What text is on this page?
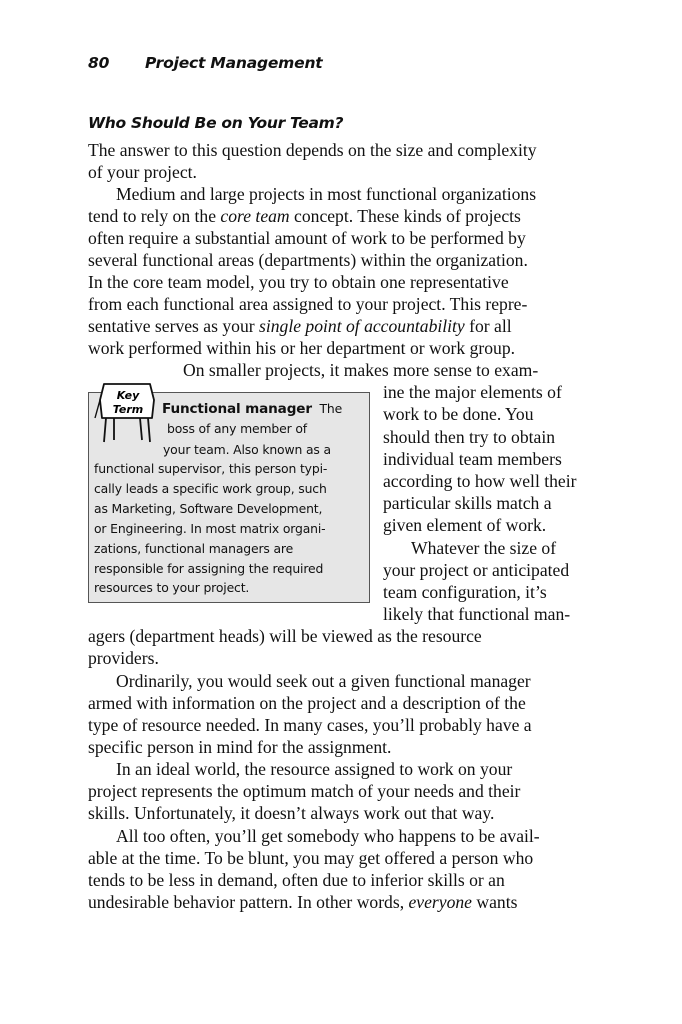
80 Project Management
Who Should Be on Your Team?
The answer to this question depends on the size and complexity
of your project.
Medium and large projects in most functional organizations
tend to rely on the core team concept. These kinds of projects
often require a substantial amount of work to be performed by
several functional areas (departments) within the organization.
In the core team model, you try to obtain one representative
from each functional area assigned to your project. This repre-
sentative serves as your single point of accountability for all
work performed within his or her department or work group.
On smaller projects, it makes more sense to exam-
ine the major elements of
work to be done. You
should then try to obtain
individual team members
according to how well their
particular skills match a
given element of work.
Whatever the size of
your project or anticipated
team configuration, it’s
likely that functional man-
agers (department heads) will be viewed as the resource
providers.
Ordinarily, you would seek out a given functional manager
armed with information on the project and a description of the
type of resource needed. In many cases, you’ll probably have a
specific person in mind for the assignment.
In an ideal world, the resource assigned to work on your
project represents the optimum match of your needs and their
skills. Unfortunately, it doesn’t always work out that way.
All too often, you’ll get somebody who happens to be avail-
able at the time. To be blunt, you may get offered a person who
tends to be less in demand, often due to inferior skills or an
undesirable behavior pattern. In other words, everyone wants
Key
Term Functional manager The
boss of any member of
your team. Also known as a
functional supervisor, this person typi-
cally leads a specific work group, such
as Marketing, Software Development,
or Engineering. In most matrix organi-
zations, functional managers are
responsible for assigning the required
resources to your project.
